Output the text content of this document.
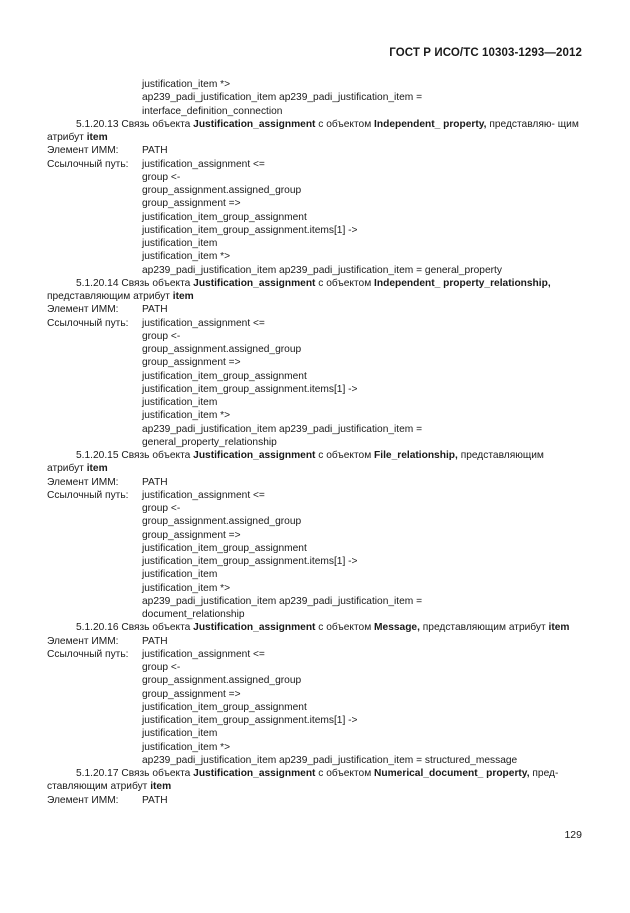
ГОСТ Р ИСО/ТС 10303-1293—2012
justification_item *>
ap239_padi_justification_item ap239_padi_justification_item =
interface_definition_connection
5.1.20.13 Связь объекта Justification_assignment с объектом Independent_ property, представляю- щим атрибут item
Элемент ИММ: PATH
Ссылочный путь: justification_assignment <=
group <-
group_assignment.assigned_group
group_assignment =>
justification_item_group_assignment
justification_item_group_assignment.items[1] ->
justification_item
justification_item *>
ap239_padi_justification_item ap239_padi_justification_item = general_property
5.1.20.14 Связь объекта Justification_assignment с объектом Independent_ property_relationship, представляющим атрибут item
Элемент ИММ: PATH
Ссылочный путь: justification_assignment <=
group <-
group_assignment.assigned_group
group_assignment =>
justification_item_group_assignment
justification_item_group_assignment.items[1] ->
justification_item
justification_item *>
ap239_padi_justification_item ap239_padi_justification_item =
general_property_relationship
5.1.20.15 Связь объекта Justification_assignment с объектом File_relationship, представляющим атрибут item
Элемент ИММ: PATH
Ссылочный путь: justification_assignment <=
group <-
group_assignment.assigned_group
group_assignment =>
justification_item_group_assignment
justification_item_group_assignment.items[1] ->
justification_item
justification_item *>
ap239_padi_justification_item ap239_padi_justification_item =
document_relationship
5.1.20.16 Связь объекта Justification_assignment с объектом Message, представляющим атрибут item
Элемент ИММ: PATH
Ссылочный путь: justification_assignment <=
group <-
group_assignment.assigned_group
group_assignment =>
justification_item_group_assignment
justification_item_group_assignment.items[1] ->
justification_item
justification_item *>
ap239_padi_justification_item ap239_padi_justification_item = structured_message
5.1.20.17 Связь объекта Justification_assignment с объектом Numerical_document_ property, пред- ставляющим атрибут item
Элемент ИММ: PATH
129
